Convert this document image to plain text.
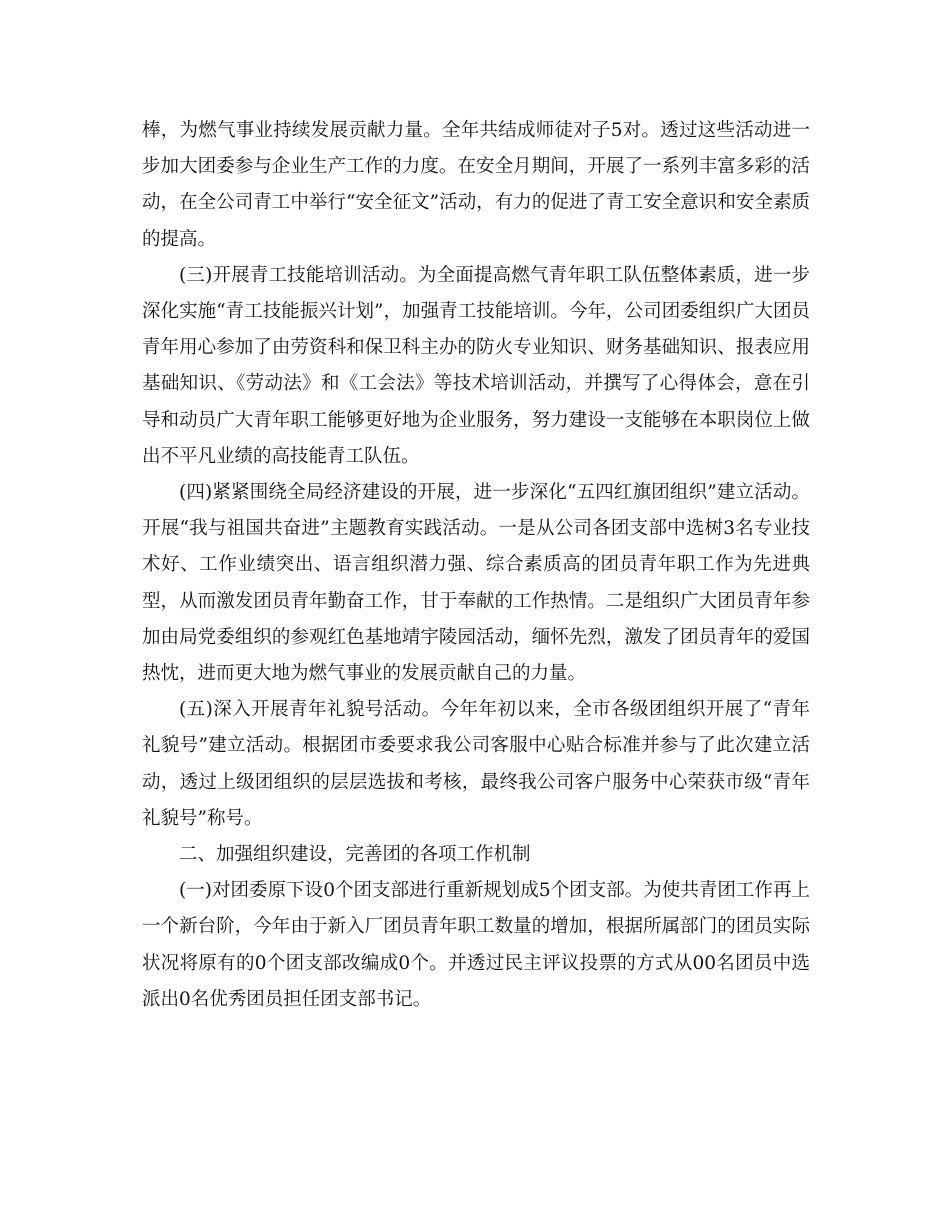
棒，为燃气事业持续发展贡献力量。全年共结成师徒对子5对。透过这些活动进一步加大团委参与企业生产工作的力度。在安全月期间，开展了一系列丰富多彩的活动，在全公司青工中举行“安全征文”活动，有力的促进了青工安全意识和安全素质的提高。

(三)开展青工技能培训活动。为全面提高燃气青年职工队伍整体素质，进一步深化实施“青工技能振兴计划”，加强青工技能培训。今年，公司团委组织广大团员青年用心参加了由劳资科和保卫科主办的防火专业知识、财务基础知识、报表应用基础知识、《劳动法》和《工会法》等技术培训活动，并撰写了心得体会，意在引导和动员广大青年职工能够更好地为企业服务，努力建设一支能够在本职岗位上做出不平凡业绩的高技能青工队伍。

(四)紧紧围绕全局经济建设的开展，进一步深化“五四红旗团组织”建立活动。开展“我与祖国共奋进”主题教育实践活动。一是从公司各团支部中选树3名专业技术好、工作业绩突出、语言组织潜力强、综合素质高的团员青年职工作为先进典型，从而激发团员青年勤奋工作，甘于奉献的工作热情。二是组织广大团员青年参加由局党委组织的参观红色基地靖宇陵园活动，缅怀先烈，激发了团员青年的爱国热忱，进而更大地为燃气事业的发展贡献自己的力量。

(五)深入开展青年礼貌号活动。今年年初以来，全市各级团组织开展了“青年礼貌号”建立活动。根据团市委要求我公司客服中心贴合标准并参与了此次建立活动，透过上级团组织的层层选拔和考核，最终我公司客户服务中心荣获市级“青年礼貌号”称号。

二、加强组织建设，完善团的各项工作机制

(一)对团委原下设0个团支部进行重新规划成5个团支部。为使共青团工作再上一个新台阶，今年由于新入厂团员青年职工数量的增加，根据所属部门的团员实际状况将原有的0个团支部改编成0个。并透过民主评议投票的方式从00名团员中选派出0名优秀团员担任团支部书记。
